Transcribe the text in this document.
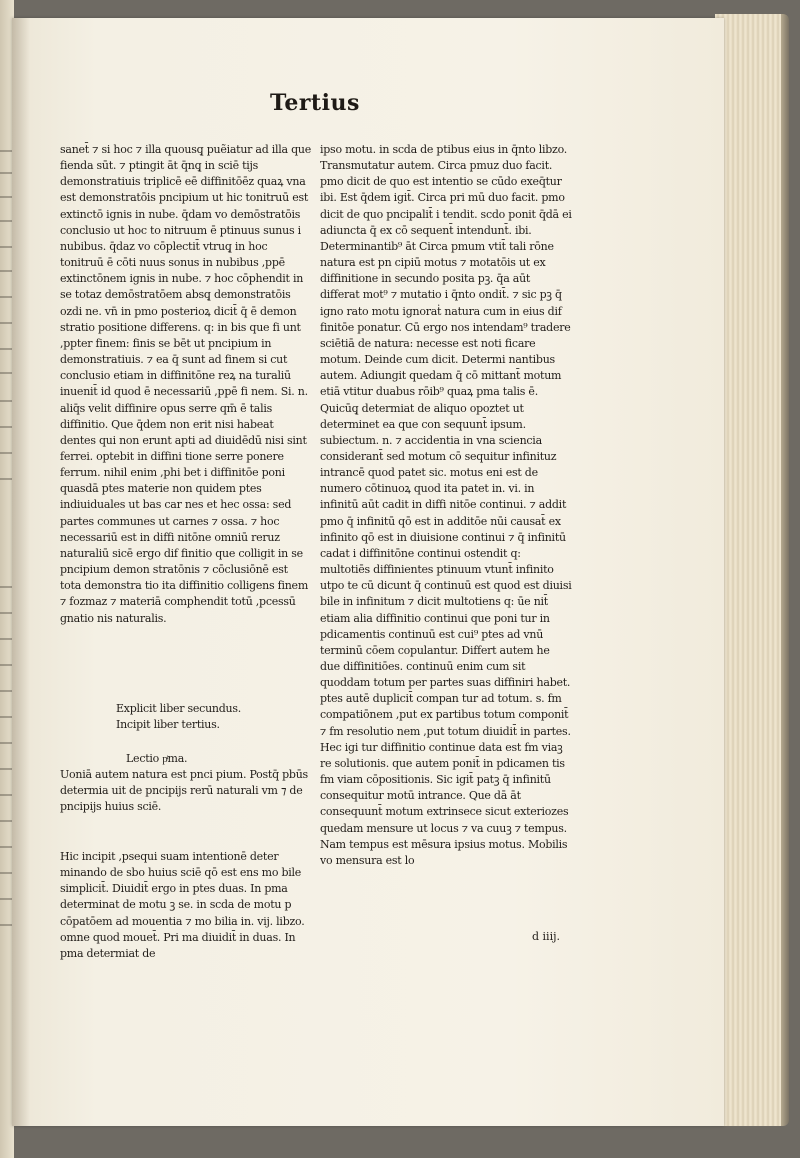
Tertius

sanet̄ ⁊ si hoc ⁊ illa quousq̧ puẽiatur ad illa que fienda sūt. ⁊ ptingit āt q̄nq̧ in sciē tijs demonstratiuis triplicē eē diffinitōēz quaꝝ vna est demonstratōis pncipium ut hic tonitruū est extinctō ignis in nube. q̄dam vo demōstratōis conclusio ut hoc to nitruum ē ptinuus sunus i nubibus. q̄daz vo cōplectit̄ vtruq̧ in hoc tonitruū ē cōti nuus sonus in nubibus ,ppē extinctōnem ignis in nube. ⁊ hoc cōphendit in se totaz demōstratōem absq̧ demonstratōis ozdi ne. vn̄ in pmo posterioꝝ dicit̄ q̄ ē demon stratio positione differens. q: in bis que fi unt ,ppter finem: finis se bēt ut pncipium in demonstratiuis. ⁊ ea q̄ sunt ad finem si cut conclusio etiam in diffinitōne reꝝ na turaliū inuenit̄ id quod ē necessariū ,ppē fi nem. Si. n. aliq̄s velit diffinire opus serre qm̄ ē talis diffinitio. Que q̄dem non erit nisi habeat dentes qui non erunt apti ad diuidēdū nisi sint ferrei. optebit in diffini tione serre ponere ferrum. nihil enim ,phi bet i diffinitōe poni quasdā ptes materie non quidem ptes indiuiduales ut bas car nes et hec ossa: sed partes communes ut carnes ⁊ ossa. ⁊ hoc necessariū est in diffi nitōne omniū reruz naturaliū sicē ergo dif finitio que colligit in se pncipium demon stratōnis ⁊ cōclusiōnē est tota demonstra tio ita diffinitio colligens finem ⁊ fozmaz ⁊ materiā comphendit totū ,pcessū gnatio nis naturalis.

Explicit liber secundus.
Incipit liber tertius.
Lectio pͥma.

Uoniā autem natura est pnci pium. Postq̄ pbūs determia uit de pncipijs rerū naturali vm ⁊ de pncipijs huius sciē.

Hic incipit ,psequi suam intentionē deter minando de sbo huius sciē qō est ens mo bile simplicit̄. Diuidit̄ ergo in ptes duas. In pma determinat de motu ꝫ se. in scda de motu p cōpatōem ad mouentia ⁊ mo bilia in. vij. libzo. omne quod mouet̄. Pri ma diuidit̄ in duas. In pma determiat de

ipso motu. in scda de ptibus eius in q̄nto libzo. Transmutatur autem. Circa pmuz duo facit. pmo dicit de quo est intentio se cūdo exeq̄tur ibi. Est q̄dem igit̄. Circa pri mū duo facit. pmo dicit de quo pncipalit̄ i tendit. scdo ponit q̄dā ei adiuncta q̄ ex cō sequent̄ intendunt̄. ibi. Determinantib⁹ āt Circa pmum vtit̄ tali rōne natura est pn cipiū motus ⁊ motatōis ut ex diffinitione in secundo posita pꝫ. q̄a aūt differat mot⁹ ⁊ mutatio i q̄nto ondit̄. ⁊ sic pꝫ q̄ igno rato motu ignoraṫ natura cum in eius dif finitōe ponatur. Cū ergo nos intendam⁹ tradere sciētiā de natura: necesse est noti ficare motum. Deinde cum dicit. Determi nantibus autem. Adiungit quedam q̄ cō mittant̄ motum etiā vtitur duabus rōib⁹ quaꝝ pma talis ē. Quicūq̧ determiat de aliquo opoztet ut determinet ea que con sequunt̄ ipsum. subiectum. n. ⁊ accidentia in vna sciencia considerant̄ sed motum cō sequitur infinituz intrancē quod patet sic. motus eni est de numero cōtinuoꝝ quod ita patet in. vi. in infinitū aūt cadit in diffi nitōe continui. ⁊ addit pmo q̄ infinitū qō est in additōe nūi causat̄ ex infinito qō est in diuisione continui ⁊ q̄ infinitū cadat i diffinitōne continui ostendit q: multotiēs diffinientes ptinuum vtunt̄ infinito utpo te cū dicunt q̄ continuū est quod est diuisi bile in infinitum ⁊ dicit multotiens q: ūe nit̄ etiam alia diffinitio continui que poni tur in pdicamentis continuū est cui⁹ ptes ad vnū terminū cōem copulantur. Differt autem he due diffinitiōes. continuū enim cum sit quoddam totum per partes suas diffiniri habet. ptes autē duplicit̄ compan tur ad totum. s. fm compatiōnem ,put ex partibus totum componit̄ ⁊ fm resolutio nem ,put totum diuidit̄ in partes. Hec igi tur diffinitio continue data est fm viaꝫ re solutionis. que autem ponit̄ in pdicamen tis fm viam cōpositionis. Sic igit̄ patꝫ q̄ infinitū consequitur motū intrance. Que dā āt consequunt̄ motum extrinsece sicut exteriozes quedam mensure ut locus ⁊ va cuuꝫ ⁊ tempus. Nam tempus est mēsura ipsius motus. Mobilis vo mensura est lo

d iiij.
